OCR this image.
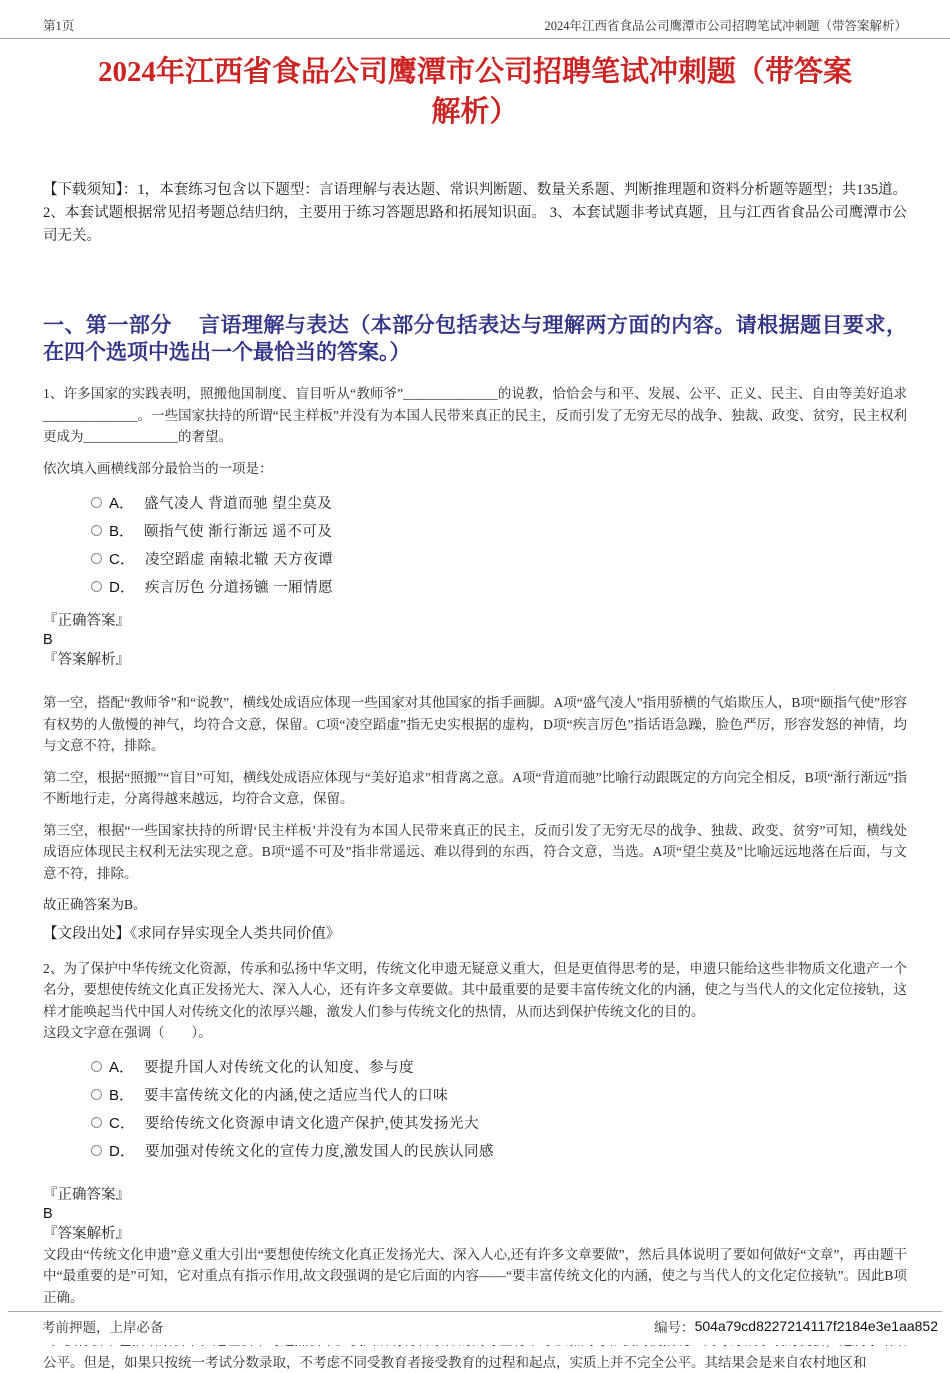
第1页	2024年江西省食品公司鹰潭市公司招聘笔试冲刺题（带答案解析）
2024年江西省食品公司鹰潭市公司招聘笔试冲刺题（带答案解析）
【下载须知】：1，本套练习包含以下题型：言语理解与表达题、常识判断题、数量关系题、判断推理题和资料分析题等题型；共135道。 2、本套试题根据常见招考题总结归纳，主要用于练习答题思路和拓展知识面。 3、本套试题非考试真题，且与江西省食品公司鹰潭市公司无关。
一、第一部分　 言语理解与表达（本部分包括表达与理解两方面的内容。请根据题目要求，在四个选项中选出一个最恰当的答案。）
1、许多国家的实践表明，照搬他国制度、盲目听从“教师爷”______________的说教，恰恰会与和平、发展、公平、正义、民主、自由等美好追求______________。一些国家扶持的所谓“民主样板”并没有为本国人民带来真正的民主，反而引发了无穷无尽的战争、独裁、政变、贫穷，民主权利更成为______________的奢望。
依次填入画横线部分最恰当的一项是：
A． 盛气凌人 背道而驰 望尘莫及
B． 颐指气使 渐行渐远 遥不可及
C． 凌空蹈虚 南辕北辙 天方夜谭
D． 疾言厉色 分道扬镳 一厢情愿
『正确答案』
B
『答案解析』
第一空，搭配“教师爷”和“说教”，横线处成语应体现一些国家对其他国家的指手画脚。A项“盛气凌人”指用骄横的气焰欺压人，B项“颐指气使”形容有权势的人傲慢的神气，均符合文意，保留。C项“凌空蹈虚”指无史实根据的虚构，D项“疾言厉色”指话语急躁，脸色严厉，形容发怒的神情，均与文意不符，排除。
第二空，根据“照搬”“盲目”可知，横线处成语应体现与“美好追求”相背离之意。A项“背道而驰”比喻行动跟既定的方向完全相反，B项“渐行渐远”指不断地行走，分离得越来越远，均符合文意，保留。
第三空，根据“一些国家扶持的所谓‘民主样板’并没有为本国人民带来真正的民主，反而引发了无穷无尽的战争、独裁、政变、贫穷”可知，横线处成语应体现民主权利无法实现之意。B项“遥不可及”指非常遥远、难以得到的东西，符合文意，当选。A项“望尘莫及”比喻远远地落在后面，与文意不符，排除。
故正确答案为B。
【文段出处】《求同存异实现全人类共同价值》
2、为了保护中华传统文化资源，传承和弘扬中华文明，传统文化申遗无疑意义重大，但是更值得思考的是，申遗只能给这些非物质文化遗产一个名分，要想使传统文化真正发扬光大、深入人心，还有许多文章要做。其中最重要的是要丰富传统文化的内涵，使之与当代人的文化定位接轨，这样才能唤起当代中国人对传统文化的浓厚兴趣，激发人们参与传统文化的热情，从而达到保护传统文化的目的。
这段文字意在强调（　　）。
A． 要提升国人对传统文化的认知度、参与度
B． 要丰富传统文化的内涵,使之适应当代人的口味
C． 要给传统文化资源申请文化遗产保护,使其发扬光大
D． 要加强对传统文化的宣传力度,激发国人的民族认同感
『正确答案』
B
『答案解析』
文段由“传统文化申遗”意义重大引出“要想使传统文化真正发扬光大、深入人心,还有许多文章要做”，然后具体说明了要如何做好“文章”，再由题干中“最重要的是”可知，它对重点有指示作用,故文段强调的是它后面的内容——“要丰富传统文化的内涵，使之与当代人的文化定位接轨”。因此B项正确。
公平。但是，如果只按统一考试分数录取，不考虑不同受教育者接受教育的过程和起点，实质上并不完全公平。其结果会是来自农村地区和
考前押题，上岸必备	编号： 504a79cd8227214117f2184e3e1aa852
